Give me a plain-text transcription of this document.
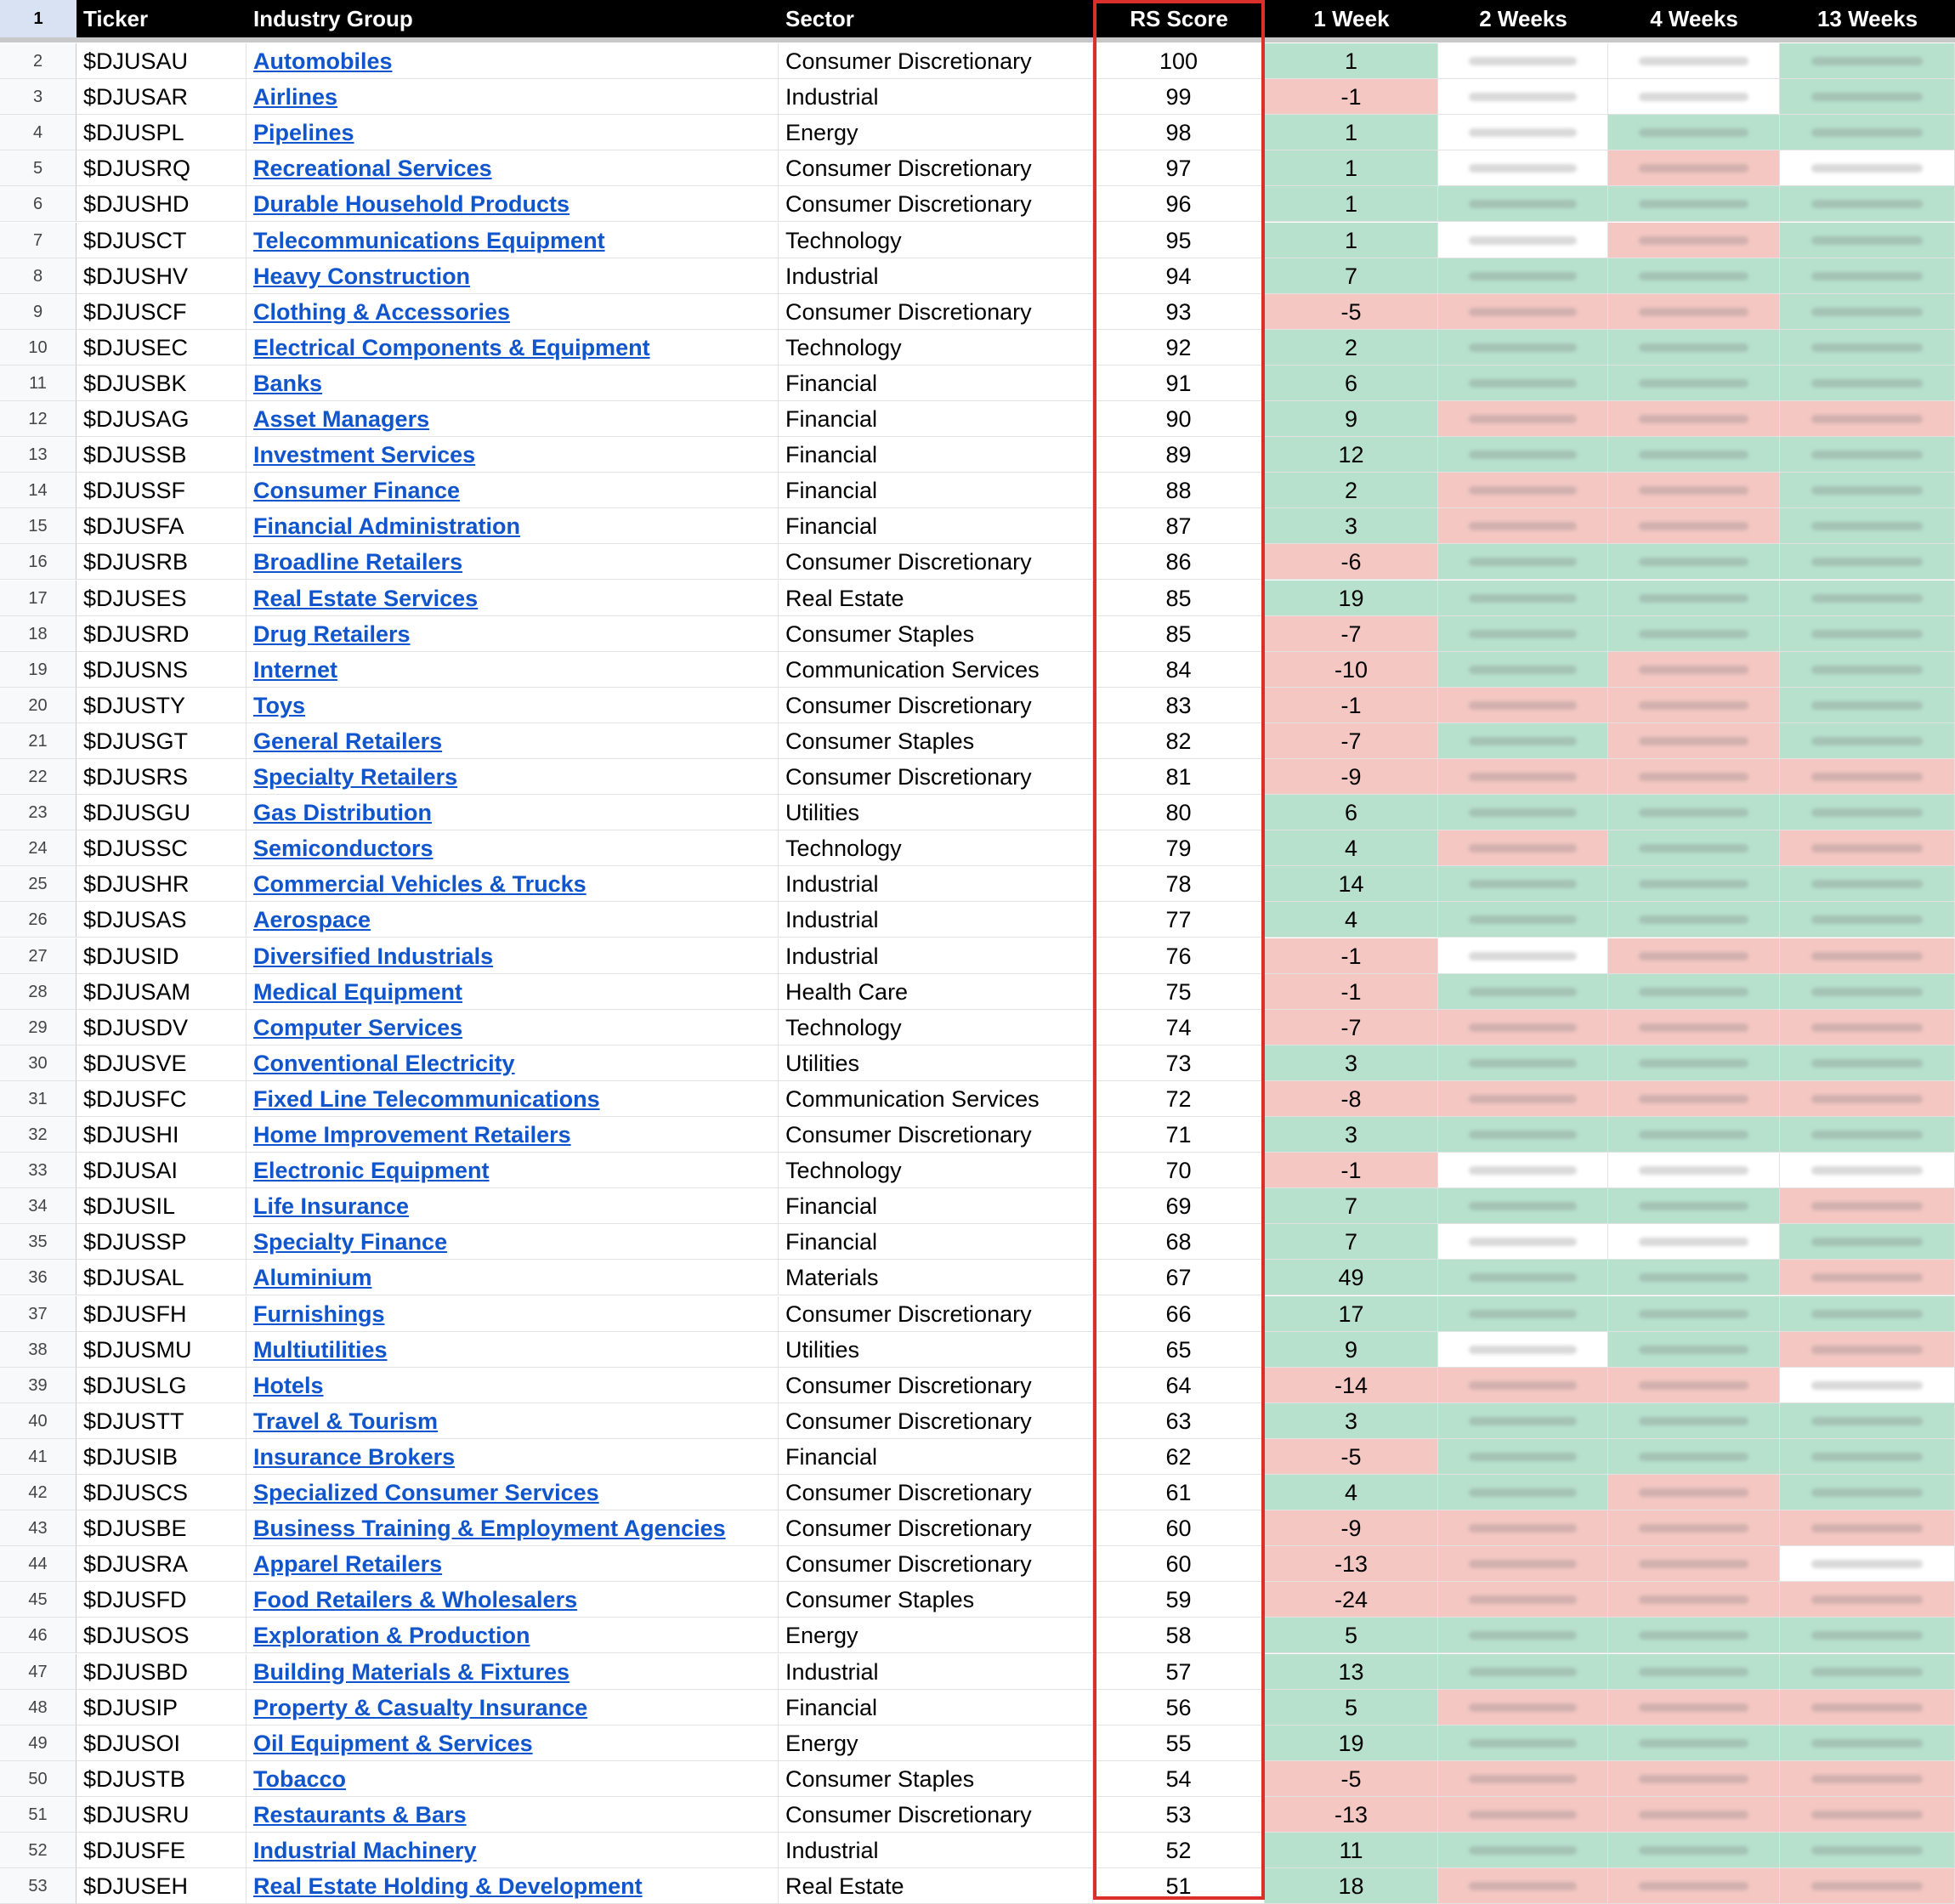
1	Ticker	Industry Group	Sector	RS Score	1 Week	2 Weeks	4 Weeks	13 Weeks
2	$DJUSAU	Automobiles	Consumer Discretionary	100	1
3	$DJUSAR	Airlines	Industrial	99	-1
4	$DJUSPL	Pipelines	Energy	98	1
5	$DJUSRQ	Recreational Services	Consumer Discretionary	97	1
6	$DJUSHD	Durable Household Products	Consumer Discretionary	96	1
7	$DJUSCT	Telecommunications Equipment	Technology	95	1
8	$DJUSHV	Heavy Construction	Industrial	94	7
9	$DJUSCF	Clothing & Accessories	Consumer Discretionary	93	-5
10	$DJUSEC	Electrical Components & Equipment	Technology	92	2
11	$DJUSBK	Banks	Financial	91	6
12	$DJUSAG	Asset Managers	Financial	90	9
13	$DJUSSB	Investment Services	Financial	89	12
14	$DJUSSF	Consumer Finance	Financial	88	2
15	$DJUSFA	Financial Administration	Financial	87	3
16	$DJUSRB	Broadline Retailers	Consumer Discretionary	86	-6
17	$DJUSES	Real Estate Services	Real Estate	85	19
18	$DJUSRD	Drug Retailers	Consumer Staples	85	-7
19	$DJUSNS	Internet	Communication Services	84	-10
20	$DJUSTY	Toys	Consumer Discretionary	83	-1
21	$DJUSGT	General Retailers	Consumer Staples	82	-7
22	$DJUSRS	Specialty Retailers	Consumer Discretionary	81	-9
23	$DJUSGU	Gas Distribution	Utilities	80	6
24	$DJUSSC	Semiconductors	Technology	79	4
25	$DJUSHR	Commercial Vehicles & Trucks	Industrial	78	14
26	$DJUSAS	Aerospace	Industrial	77	4
27	$DJUSID	Diversified Industrials	Industrial	76	-1
28	$DJUSAM	Medical Equipment	Health Care	75	-1
29	$DJUSDV	Computer Services	Technology	74	-7
30	$DJUSVE	Conventional Electricity	Utilities	73	3
31	$DJUSFC	Fixed Line Telecommunications	Communication Services	72	-8
32	$DJUSHI	Home Improvement Retailers	Consumer Discretionary	71	3
33	$DJUSAI	Electronic Equipment	Technology	70	-1
34	$DJUSIL	Life Insurance	Financial	69	7
35	$DJUSSP	Specialty Finance	Financial	68	7
36	$DJUSAL	Aluminium	Materials	67	49
37	$DJUSFH	Furnishings	Consumer Discretionary	66	17
38	$DJUSMU	Multiutilities	Utilities	65	9
39	$DJUSLG	Hotels	Consumer Discretionary	64	-14
40	$DJUSTT	Travel & Tourism	Consumer Discretionary	63	3
41	$DJUSIB	Insurance Brokers	Financial	62	-5
42	$DJUSCS	Specialized Consumer Services	Consumer Discretionary	61	4
43	$DJUSBE	Business Training & Employment Agencies	Consumer Discretionary	60	-9
44	$DJUSRA	Apparel Retailers	Consumer Discretionary	60	-13
45	$DJUSFD	Food Retailers & Wholesalers	Consumer Staples	59	-24
46	$DJUSOS	Exploration & Production	Energy	58	5
47	$DJUSBD	Building Materials & Fixtures	Industrial	57	13
48	$DJUSIP	Property & Casualty Insurance	Financial	56	5
49	$DJUSOI	Oil Equipment & Services	Energy	55	19
50	$DJUSTB	Tobacco	Consumer Staples	54	-5
51	$DJUSRU	Restaurants & Bars	Consumer Discretionary	53	-13
52	$DJUSFE	Industrial Machinery	Industrial	52	11
53	$DJUSEH	Real Estate Holding & Development	Real Estate	51	18
